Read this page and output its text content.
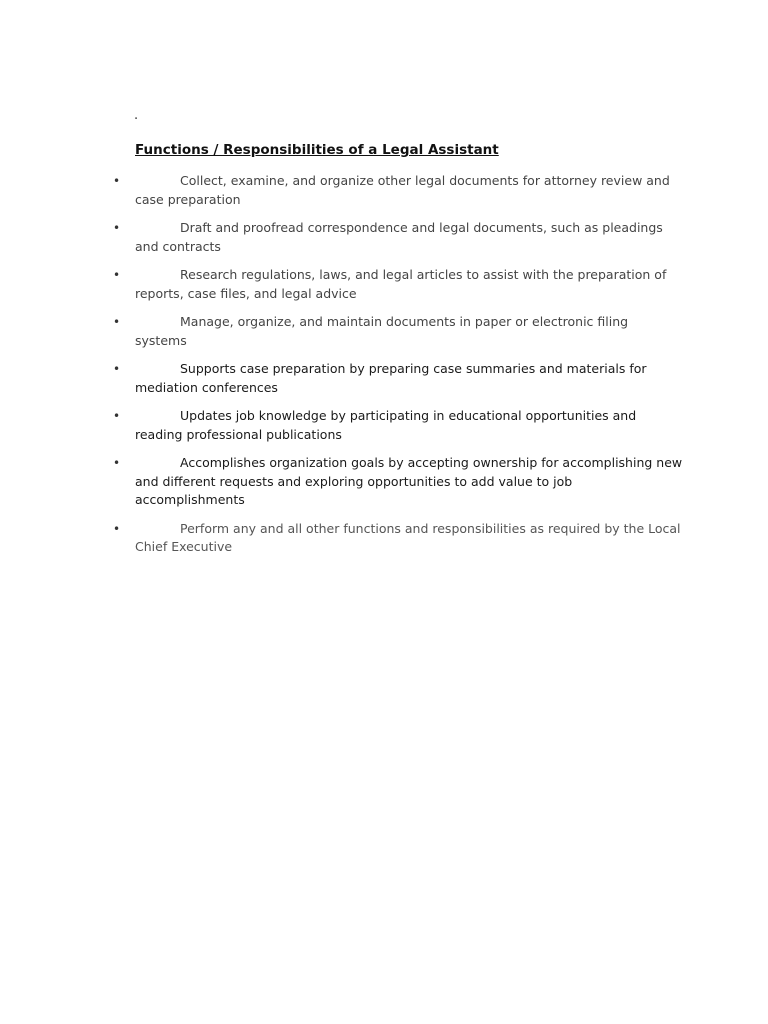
.
Functions / Responsibilities of a Legal Assistant
•	Collect, examine, and organize other legal documents for attorney review and case preparation
•	Draft and proofread correspondence and legal documents, such as pleadings and contracts
•	Research regulations, laws, and legal articles to assist with the preparation of reports, case files, and legal advice
•	Manage, organize, and maintain documents in paper or electronic filing systems
•	Supports case preparation by preparing case summaries and materials for mediation conferences
•	Updates job knowledge by participating in educational opportunities and reading professional publications
•	Accomplishes organization goals by accepting ownership for accomplishing new and different requests and exploring opportunities to add value to job accomplishments
•	Perform any and all other functions and responsibilities as required by the Local Chief Executive
